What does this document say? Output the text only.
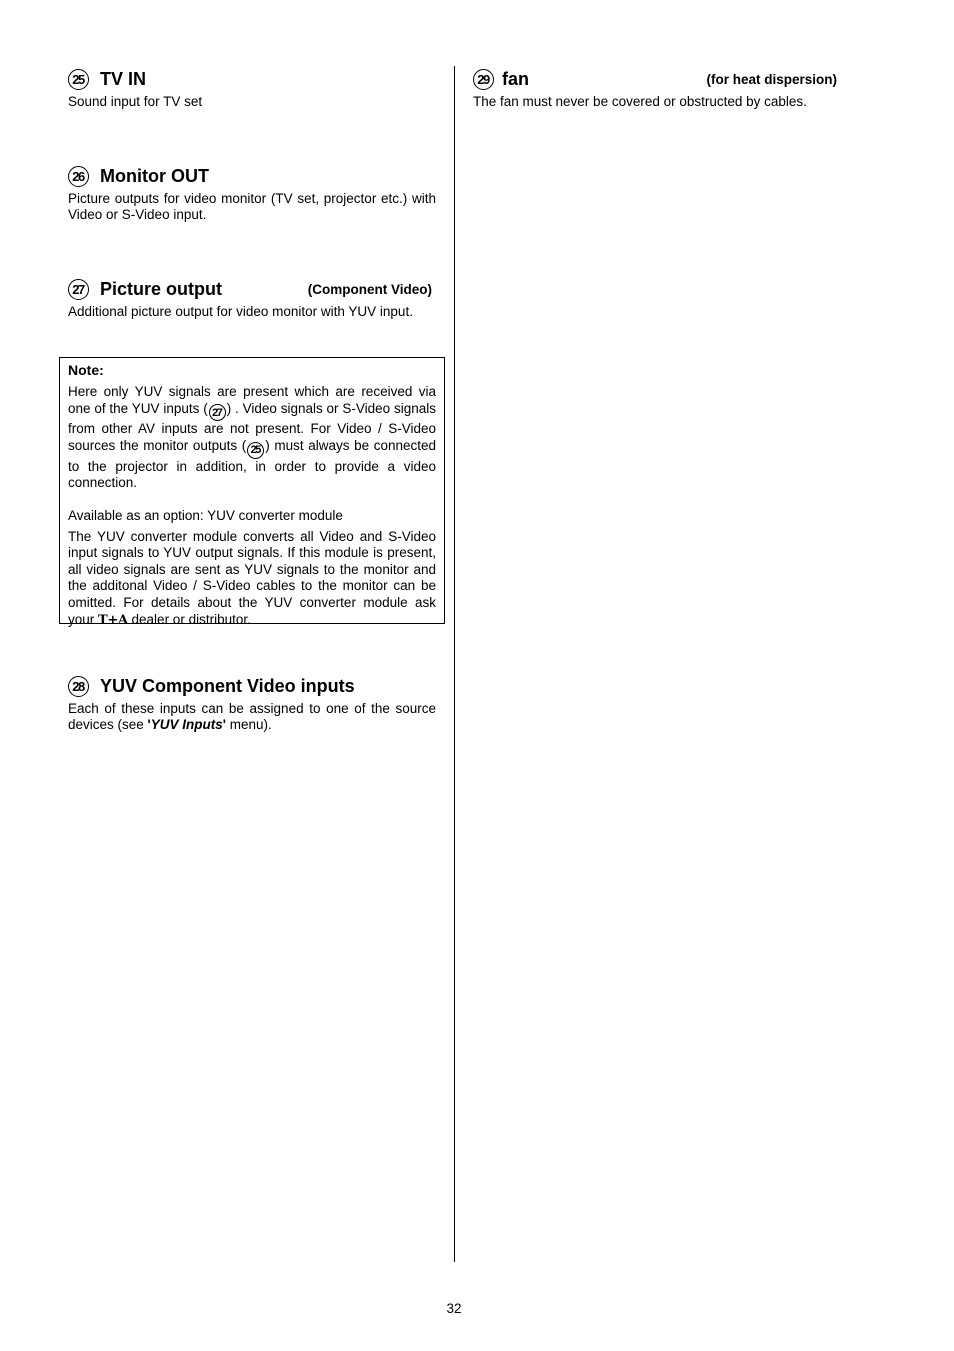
25 TV IN
Sound input for TV set
26 Monitor OUT
Picture outputs for video monitor (TV set, projector etc.) with Video or S-Video input.
27 Picture output	(Component Video)
Additional picture output for video monitor with YUV input.
28 YUV Component Video inputs
Each of these inputs can be assigned to one of the source devices (see 'YUV Inputs' menu).
Note:
Here only YUV signals are present which are received via one of the YUV inputs ( 27 ) . Video signals or S-Video signals from other AV inputs are not present. For Video / S-Video sources the monitor outputs ( 25 ) must always be connected to the projector in addition, in order to provide a video connection.
Available as an option: YUV converter module
The YUV converter module converts all Video and S-Video input signals to YUV output signals. If this module is present, all video signals are sent as YUV signals to the monitor and the additonal Video / S-Video cables to the monitor can be omitted. For details about the YUV converter module ask your T+A dealer or distributor.
29 fan	(for heat dispersion)
The fan must never be covered or obstructed by cables.
32
